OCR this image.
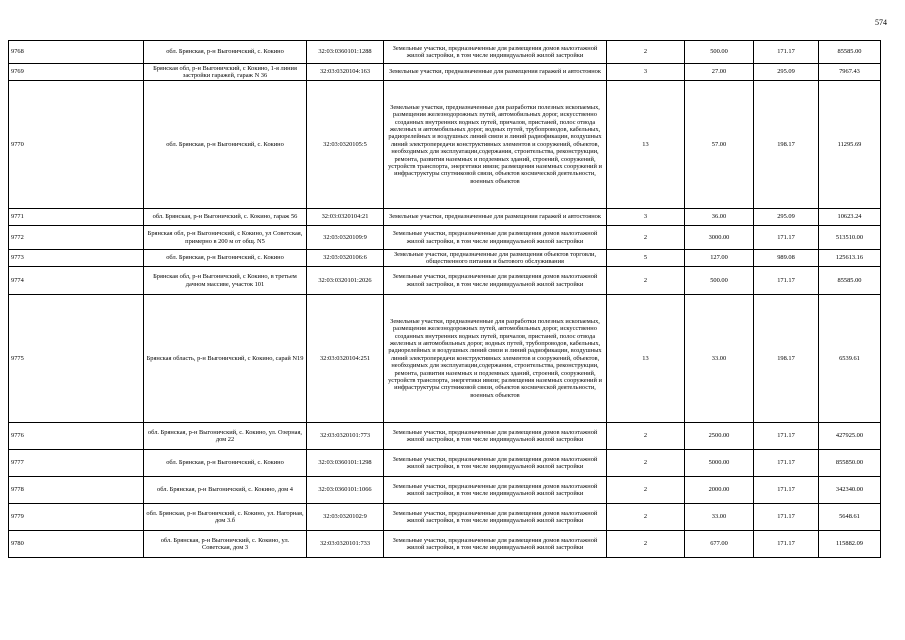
574
9768	обл. Брянская, р-н Выгоничский, с. Кокино	32:03:0360101:1288	Земельные участки, предназначенные для размещения домов малоэтажной жилой застройки, в том числе индивидуальной жилой застройки	2	500.00	171.17	85585.00
9769	Брянская обл, р-н Выгоничский, с Кокино, 1-я линия застройки гаражей, гараж N 36	32:03:0320104:163	Земельные участки, предназначенные для размещения гаражей и автостоянок	3	27.00	295.09	7967.43
9770	обл. Брянская, р-н Выгоничский, с. Кокино	32:03:0320105:5	Земельные участки, предназначенные для разработки полезных ископаемых, размещения железнодорожных путей, автомобильных дорог, искусственно созданных внутренних водных путей, причалов, пристаней, полос отвода железных и автомобильных дорог, водных путей, трубопроводов, кабельных, радиорелейных и воздушных линий связи и линий радиофикации, воздушных линий электропередачи конструктивных элементов и сооружений, объектов, необходимых для эксплуатации,содержания, строительства, реконструкции, ремонта, развития наземных и подземных зданий, строений, сооружений, устройств транспорта, энергетики ивязи; размещения наземных сооружений и инфраструктуры спутниковой связи, объектов космической деятельности, военных объектов	13	57.00	198.17	11295.69
9771	обл. Брянская, р-н Выгоничский, с. Кокино, гараж 56	32:03:0320104:21	Земельные участки, предназначенные для размещения гаражей и автостоянок	3	36.00	295.09	10623.24
9772	Брянская обл, р-н Выгоничский, с Кокино, ул Советская, примерно в 200 м от общ. N5	32:03:0320109:9	Земельные участки, предназначенные для размещения домов малоэтажной жилой застройки, в том числе индивидуальной жилой застройки	2	3000.00	171.17	513510.00
9773	обл. Брянская, р-н Выгоничский, с. Кокино	32:03:0320106:6	Земельные участки, предназначенные для размещения объектов торговли, общественного питания и бытового обслуживания	5	127.00	989.08	125613.16
9774	Брянская обл, р-н Выгоничский, с Кокино, в третьем дачном массиве, участок 101	32:03:0320101:2026	Земельные участки, предназначенные для размещения домов малоэтажной жилой застройки, в том числе индивидуальной жилой застройки	2	500.00	171.17	85585.00
9775	Брянская область, р-н Выгоничский, с Кокино, сарай N19	32:03:0320104:251	Земельные участки, предназначенные для разработки полезных ископаемых, размещения железнодорожных путей, автомобильных дорог, искусственно созданных внутренних водных путей, причалов, пристаней, полос отвода железных и автомобильных дорог, водных путей, трубопроводов, кабельных, радиорелейных и воздушных линий связи и линий радиофикации, воздушных линий электропередачи конструктивных элементов и сооружений, объектов, необходимых для эксплуатации,содержания, строительства, реконструкции, ремонта, развития наземных и подземных зданий, строений, сооружений, устройств транспорта, энергетики ивязи; размещения наземных сооружений и инфраструктуры спутниковой связи, объектов космической деятельности, военных объектов	13	33.00	198.17	6539.61
9776	обл. Брянская, р-н Выгоничский, с. Кокино, ул. Озерная, дом 22	32:03:0320101:773	Земельные участки, предназначенные для размещения домов малоэтажной жилой застройки, в том числе индивидуальной жилой застройки	2	2500.00	171.17	427925.00
9777	обл. Брянская, р-н Выгоничский, с. Кокино	32:03:0360101:1298	Земельные участки, предназначенные для размещения домов малоэтажной жилой застройки, в том числе индивидуальной жилой застройки	2	5000.00	171.17	855850.00
9778	обл. Брянская, р-н Выгоничский, с. Кокино, дом 4	32:03:0360101:1066	Земельные участки, предназначенные для размещения домов малоэтажной жилой застройки, в том числе индивидуальной жилой застройки	2	2000.00	171.17	342340.00
9779	обл. Брянская, р-н Выгоничский, с. Кокино, ул. Нагорная, дом 3.б	32:03:0320102:9	Земельные участки, предназначенные для размещения домов малоэтажной жилой застройки, в том числе индивидуальной жилой застройки	2	33.00	171.17	5648.61
9780	обл. Брянская, р-н Выгоничский, с. Кокино, ул. Советская, дом 3	32:03:0320101:733	Земельные участки, предназначенные для размещения домов малоэтажной жилой застройки, в том числе индивидуальной жилой застройки	2	677.00	171.17	115882.09
